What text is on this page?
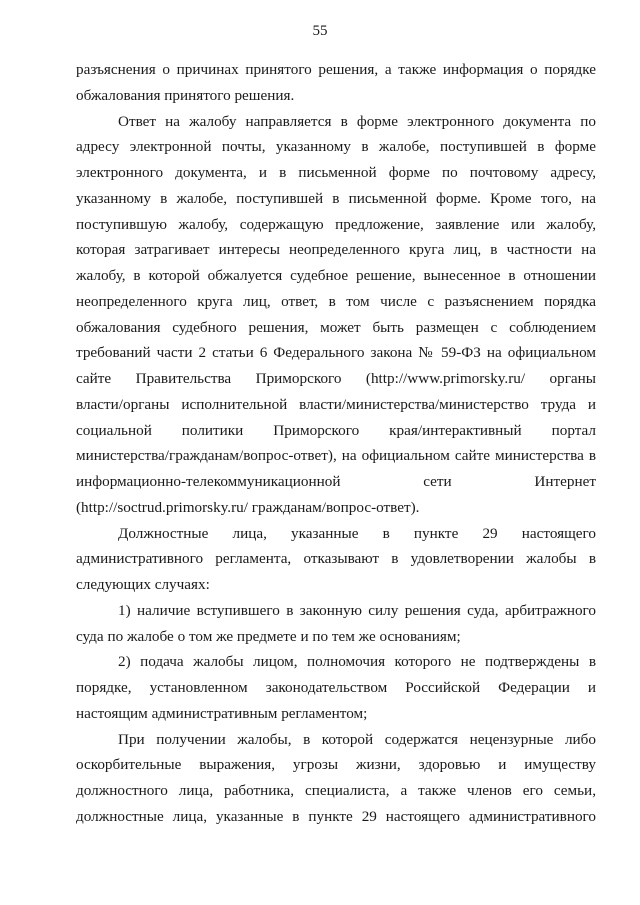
55
разъяснения о причинах принятого решения, а также информация о порядке
обжалования принятого решения.
Ответ на жалобу направляется в форме электронного документа по
адресу электронной почты, указанному в жалобе, поступившей в форме
электронного документа, и в письменной форме по почтовому адресу,
указанному в жалобе, поступившей в письменной форме. Кроме того, на
поступившую жалобу, содержащую предложение, заявление или жалобу,
которая затрагивает интересы неопределенного круга лиц, в частности на
жалобу, в которой обжалуется судебное решение, вынесенное в отношении
неопределенного круга лиц, ответ, в том числе с разъяснением порядка
обжалования судебного решения, может быть размещен с соблюдением
требований части 2 статьи 6 Федерального закона № 59-ФЗ на официальном
сайте Правительства Приморского (http://www.primorsky.ru/ органы
власти/органы исполнительной власти/министерства/министерство труда и
социальной политики Приморского края/интерактивный портал
министерства/гражданам/вопрос-ответ), на официальном сайте министерства в
информационно-телекоммуникационной сети Интернет
(http://soctrud.primorsky.ru/ гражданам/вопрос-ответ).
Должностные лица, указанные в пункте 29 настоящего
административного регламента, отказывают в удовлетворении жалобы в
следующих случаях:
1) наличие вступившего в законную силу решения суда, арбитражного
суда по жалобе о том же предмете и по тем же основаниям;
2) подача жалобы лицом, полномочия которого не подтверждены в
порядке, установленном законодательством Российской Федерации и
настоящим административным регламентом;
При получении жалобы, в которой содержатся нецензурные либо
оскорбительные выражения, угрозы жизни, здоровью и имуществу
должностного лица, работника, специалиста, а также членов его семьи,
должностные лица, указанные в пункте 29 настоящего административного
